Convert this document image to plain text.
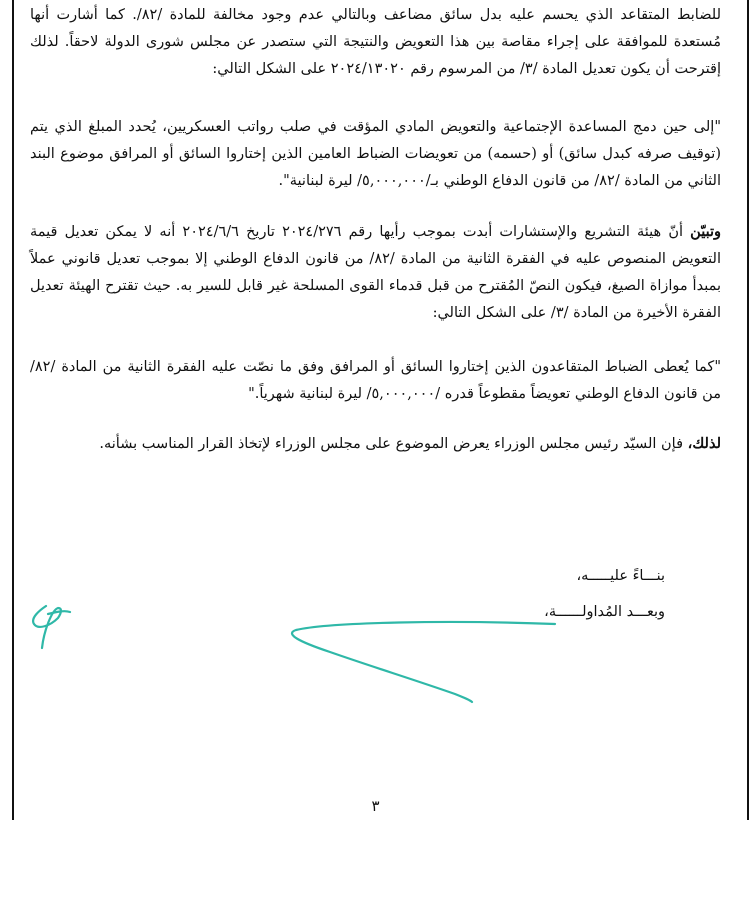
للضابط المتقاعد الذي يحسم عليه بدل سائق مضاعف وبالتالي عدم وجود مخالفة للمادة /٨٢/. كما أشارت أنها مُستعدة للموافقة على إجراء مقاصة بين هذا التعويض والنتيجة التي ستصدر عن مجلس شورى الدولة لاحقاً. لذلك إقترحت أن يكون تعديل المادة /٣/ من المرسوم رقم ٢٠٢٤/١٣٠٢٠ على الشكل التالي:

"إلى حين دمج المساعدة الإجتماعية والتعويض المادي المؤقت في صلب رواتب العسكريين، يُحدد المبلغ الذي يتم (توقيف صرفه كبدل سائق) أو (حسمه) من تعويضات الضباط العامين الذين إختاروا السائق أو المرافق موضوع البند الثاني من المادة /٨٢/ من قانون الدفاع الوطني بـ/٥,٠٠٠,٠٠٠/ ليرة لبنانية".

وتبيّن أنّ هيئة التشريع والإستشارات أبدت بموجب رأيها رقم ٢٠٢٤/٢٧٦ تاريخ ٢٠٢٤/٦/٦ أنه لا يمكن تعديل قيمة التعويض المنصوص عليه في الفقرة الثانية من المادة /٨٢/ من قانون الدفاع الوطني إلا بموجب تعديل قانوني عملاً بمبدأ موازاة الصيغ، فيكون النصّ المُقترح من قبل قدماء القوى المسلحة غير قابل للسير به. حيث تقترح الهيئة تعديل الفقرة الأخيرة من المادة /٣/ على الشكل التالي:

"كما يُعطى الضباط المتقاعدون الذين إختاروا السائق أو المرافق وفق ما نصّت عليه الفقرة الثانية من المادة /٨٢/ من قانون الدفاع الوطني تعويضاً مقطوعاً قدره /٥,٠٠٠,٠٠٠/ ليرة لبنانية شهرياً."

لذلك، فإن السيّد رئيس مجلس الوزراء يعرض الموضوع على مجلس الوزراء لإتخاذ القرار المناسب بشأنه.

بنـــاءً عليـــــه،
وبعـــد المُداولــــــة،
٣
